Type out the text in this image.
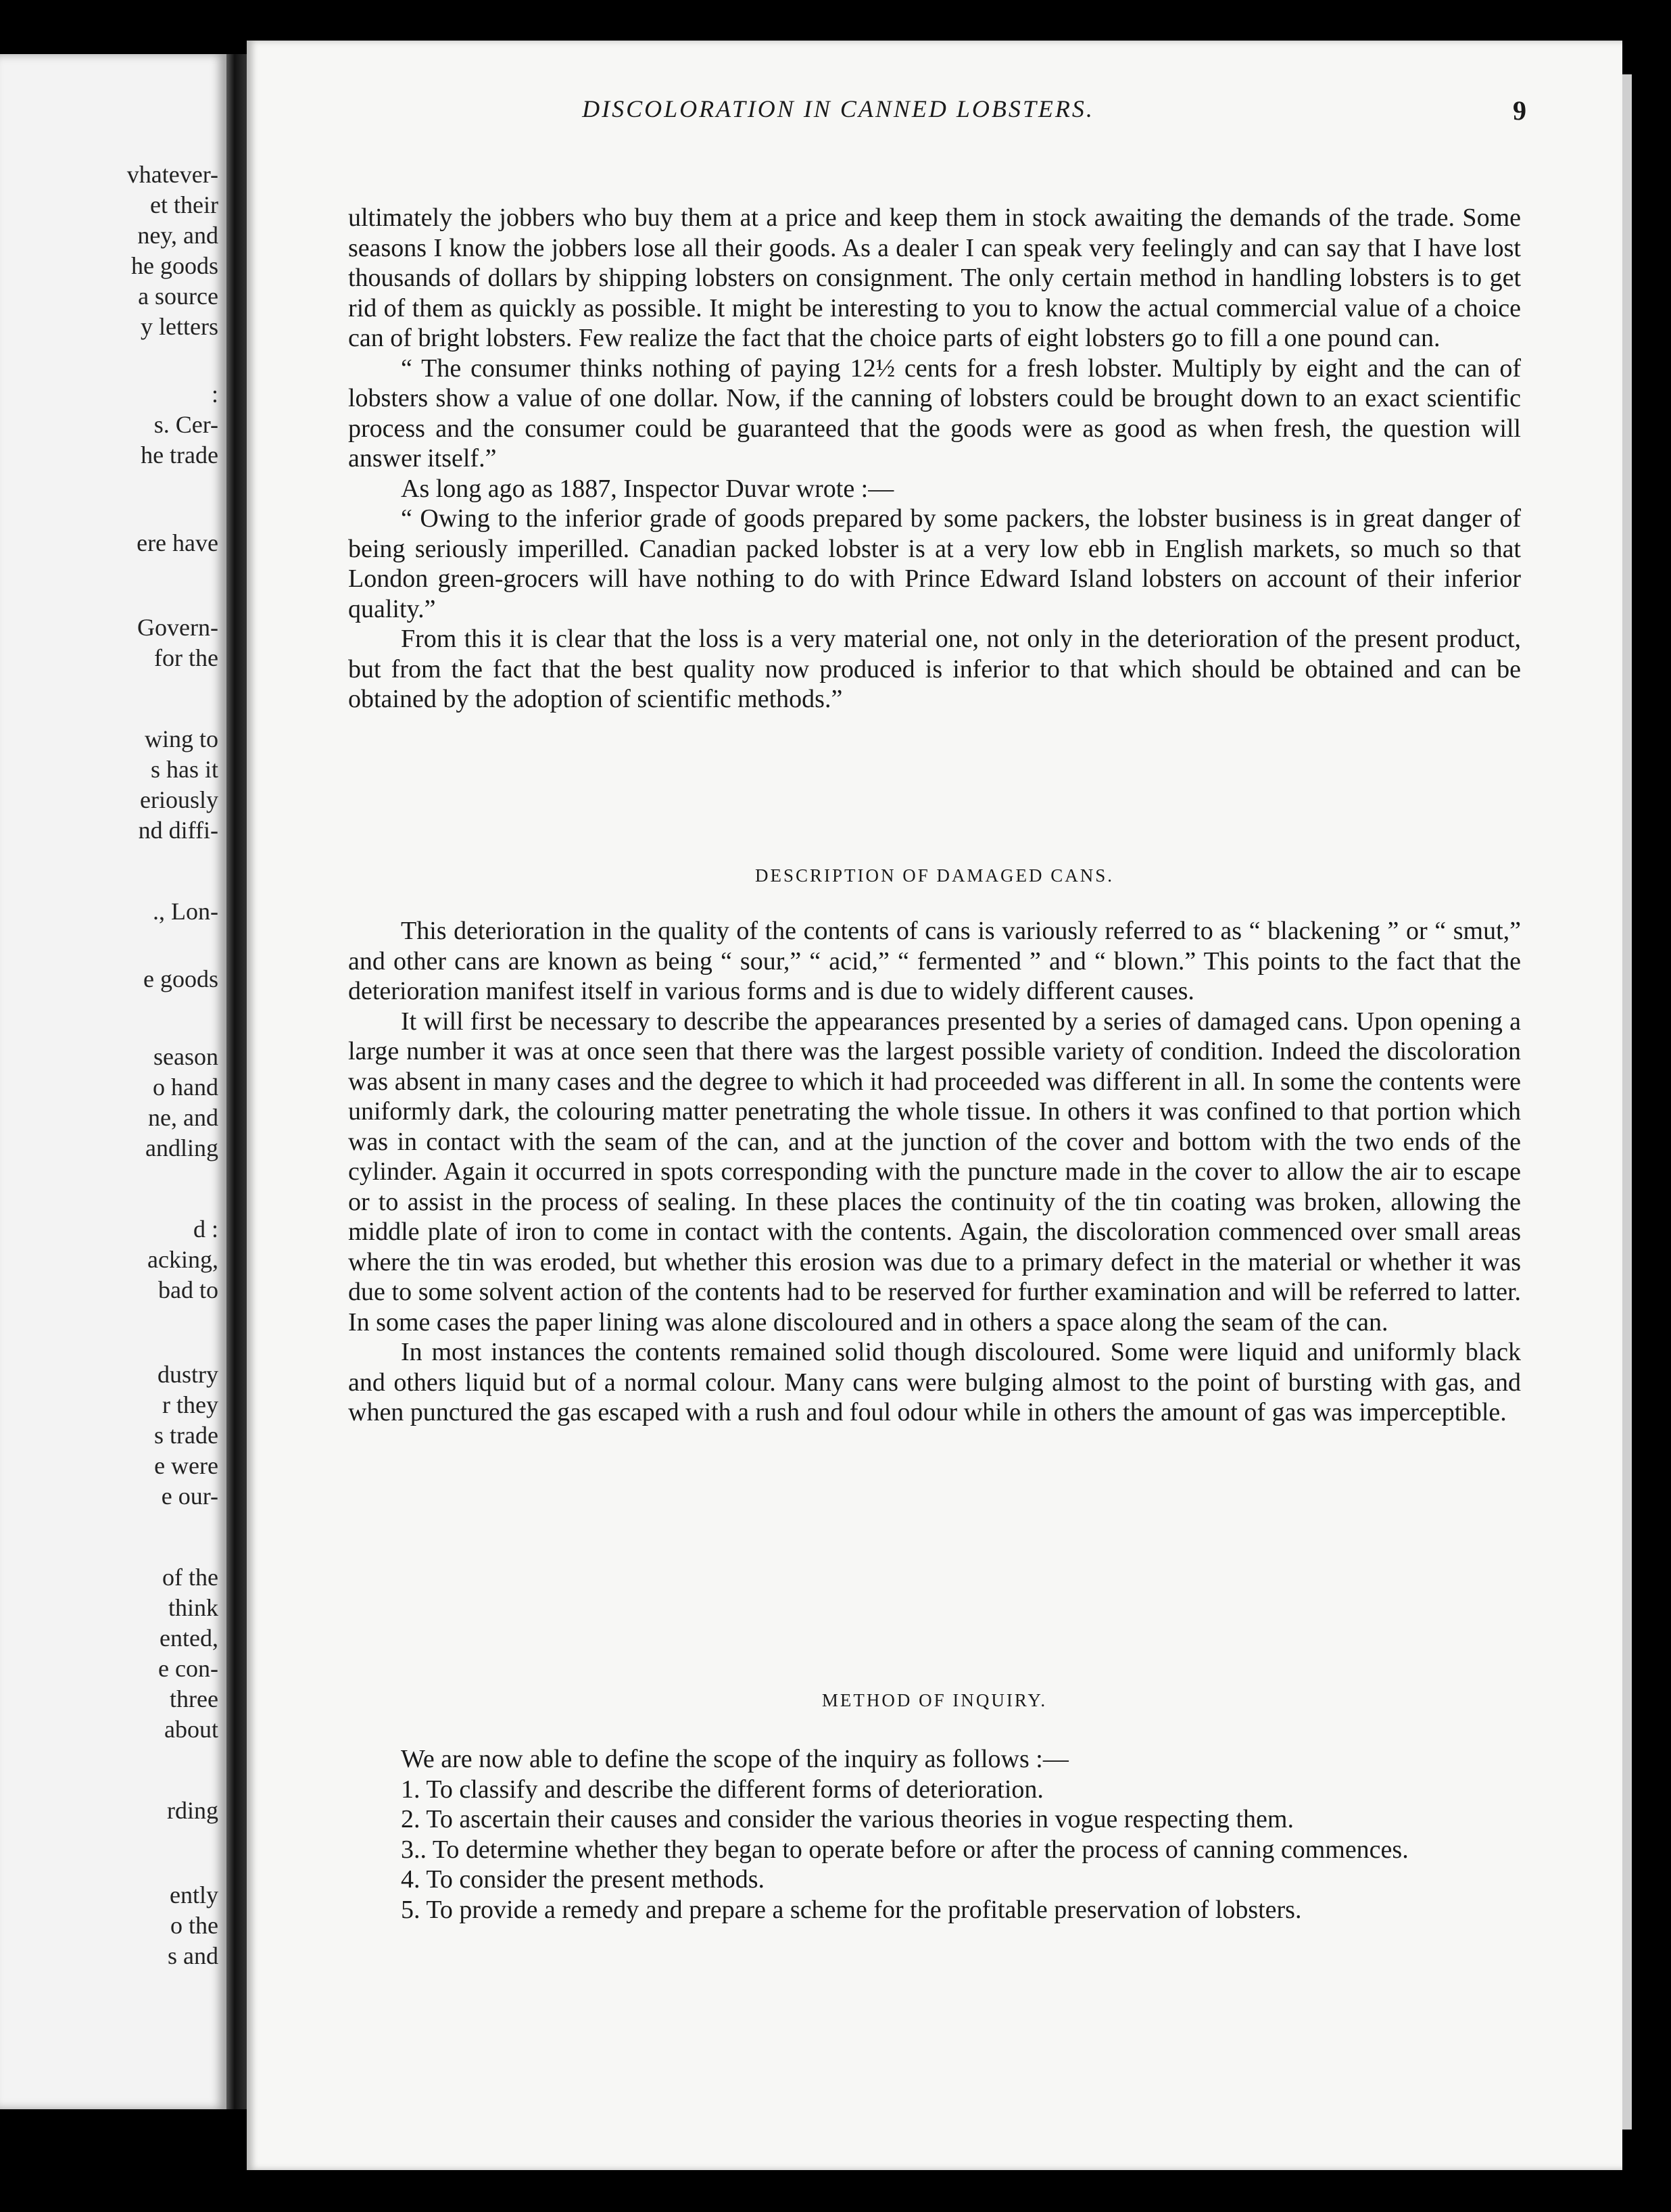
vhatever-
et their
ney, and
he goods
a source
y letters
:
s. Cer-
he trade
ere have
Govern-
for the
wing to
s has it
eriously
nd diffi-
., Lon-
e goods
season
o hand
ne, and
andling
d :
acking,
bad to
dustry
r they
s trade
e were
e our-
of the
think
ented,
e con-
three
about
rding
ently
o the
s and
DISCOLORATION IN CANNED LOBSTERS.	9

ultimately the jobbers who buy them at a price and keep them in stock awaiting the demands of the trade. Some seasons I know the jobbers lose all their goods. As a dealer I can speak very feelingly and can say that I have lost thousands of dollars by shipping lobsters on consignment. The only certain method in handling lobsters is to get rid of them as quickly as possible. It might be interesting to you to know the actual commercial value of a choice can of bright lobsters. Few realize the fact that the choice parts of eight lobsters go to fill a one pound can.

“ The consumer thinks nothing of paying 12½ cents for a fresh lobster. Multiply by eight and the can of lobsters show a value of one dollar. Now, if the canning of lobsters could be brought down to an exact scientific process and the consumer could be guaranteed that the goods were as good as when fresh, the question will answer itself.”

As long ago as 1887, Inspector Duvar wrote :—

“ Owing to the inferior grade of goods prepared by some packers, the lobster business is in great danger of being seriously imperilled. Canadian packed lobster is at a very low ebb in English markets, so much so that London green-grocers will have nothing to do with Prince Edward Island lobsters on account of their inferior quality.”

From this it is clear that the loss is a very material one, not only in the deterioration of the present product, but from the fact that the best quality now produced is inferior to that which should be obtained and can be obtained by the adoption of scientific methods.”

DESCRIPTION OF DAMAGED CANS.

This deterioration in the quality of the contents of cans is variously referred to as “ blackening ” or “ smut,” and other cans are known as being “ sour,” “ acid,” “ fermented ” and “ blown.” This points to the fact that the deterioration manifest itself in various forms and is due to widely different causes.

It will first be necessary to describe the appearances presented by a series of damaged cans. Upon opening a large number it was at once seen that there was the largest possible variety of condition. Indeed the discoloration was absent in many cases and the degree to which it had proceeded was different in all. In some the contents were uniformly dark, the colouring matter penetrating the whole tissue. In others it was confined to that portion which was in contact with the seam of the can, and at the junction of the cover and bottom with the two ends of the cylinder. Again it occurred in spots corresponding with the puncture made in the cover to allow the air to escape or to assist in the process of sealing. In these places the continuity of the tin coating was broken, allowing the middle plate of iron to come in contact with the contents. Again, the discoloration commenced over small areas where the tin was eroded, but whether this erosion was due to a primary defect in the material or whether it was due to some solvent action of the contents had to be reserved for further examination and will be referred to latter. In some cases the paper lining was alone discoloured and in others a space along the seam of the can.

In most instances the contents remained solid though discoloured. Some were liquid and uniformly black and others liquid but of a normal colour. Many cans were bulging almost to the point of bursting with gas, and when punctured the gas escaped with a rush and foul odour while in others the amount of gas was imperceptible.

METHOD OF INQUIRY.

We are now able to define the scope of the inquiry as follows :—

1. To classify and describe the different forms of deterioration.

2. To ascertain their causes and consider the various theories in vogue respecting them.

3.. To determine whether they began to operate before or after the process of canning commences.

4. To consider the present methods.

5. To provide a remedy and prepare a scheme for the profitable preservation of lobsters.
